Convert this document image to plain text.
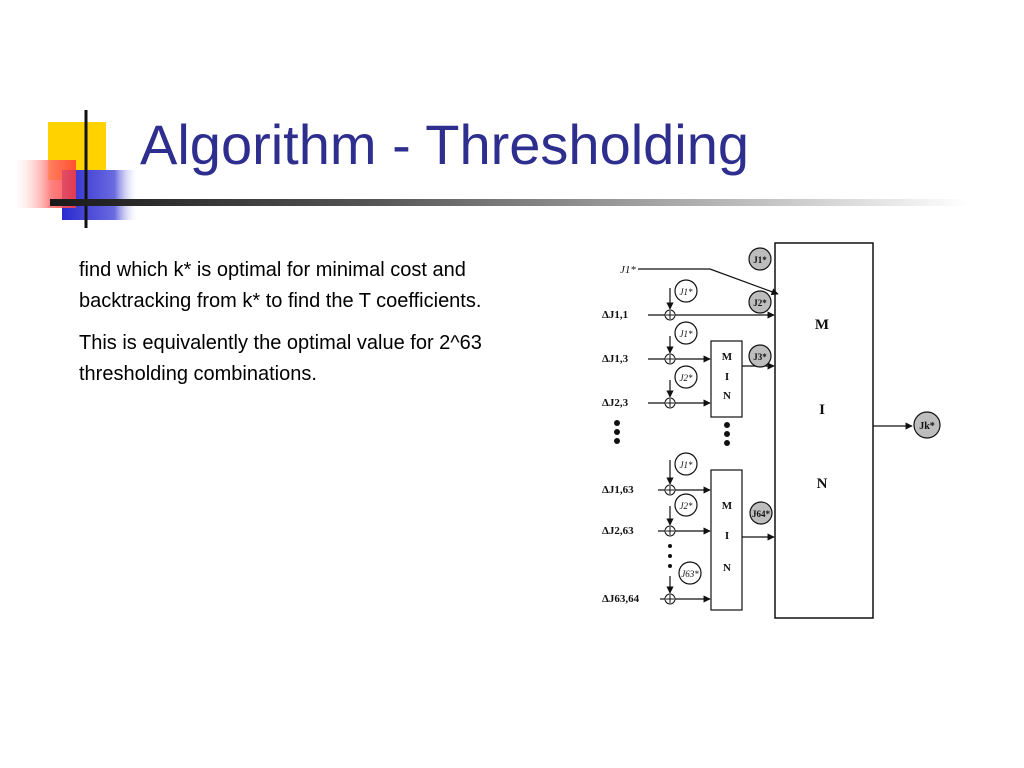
Algorithm - Thresholding

find which k* is optimal for minimal cost and backtracking from k* to find the T coefficients.

This is equivalently the optimal value for 2^63 thresholding combinations.

M
I
N
M
I
N
M
I
N
J1*
ΔJ1,1
ΔJ1,3
ΔJ2,3
ΔJ1,63
ΔJ2,63
ΔJ63,64
J1*
J1*
J2*
J1*
J2*
J63*
J1*
J2*
J3*
J64*
Jk*
